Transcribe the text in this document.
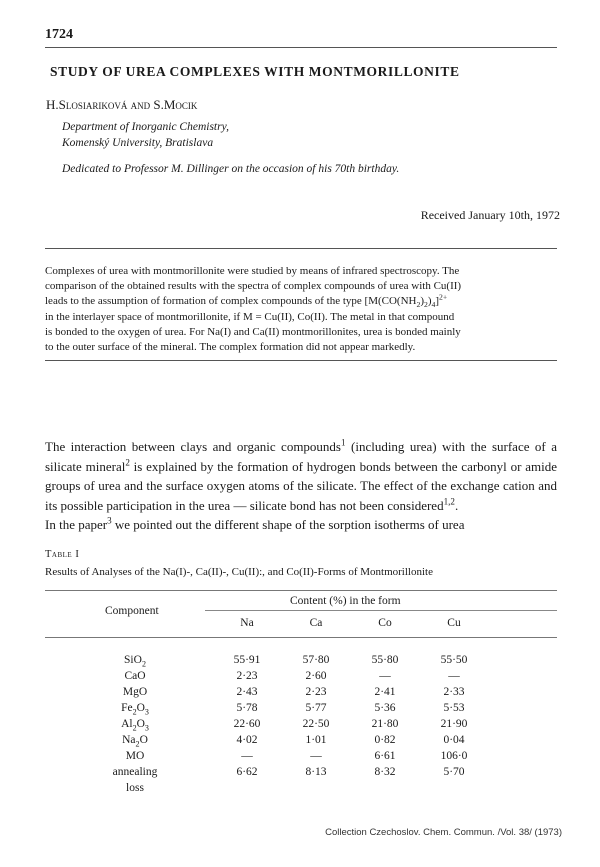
1724
STUDY OF UREA COMPLEXES WITH MONTMORILLONITE
H.Slosiariková and S.Mocik
Department of Inorganic Chemistry,
Komenský University, Bratislava
Dedicated to Professor M. Dillinger on the occasion of his 70th birthday.
Received January 10th, 1972
Complexes of urea with montmorillonite were studied by means of infrared spectroscopy. The
comparison of the obtained results with the spectra of complex compounds of urea with Cu(II)
leads to the assumption of formation of complex compounds of the type $[M(CO(NH_2)_2)_4]^{2+}$
in the interlayer space of montmorillonite, if M = Cu(II), Co(II). The metal in that compound
is bonded to the oxygen of urea. For Na(I) and Ca(II) montmorillonites, urea is bonded mainly
to the outer surface of the mineral. The complex formation did not appear markedly.

The interaction between clays and organic compounds$^1$ (including urea) with the surface of a silicate mineral$^2$ is explained by the formation of hydrogen bonds between the carbonyl or amide groups of urea and the surface oxygen atoms of the silicate. The effect of the exchange cation and its possible participation in the urea — silicate bond has not been considered$^{1,2}$.

In the paper$^3$ we pointed out the different shape of the sorption isotherms of urea

Table I
Results of Analyses of the Na(I)-, Ca(II)-, Cu(II):, and Co(II)-Forms of Montmorillonite
Component
Content (%) in the form
Na	Ca	Co	Cu
SiO$_2$	55·91	57·80	55·80	55·50
CaO	2·23	2·60	—	—
MgO	2·43	2·23	2·41	2·33
$Fe_2O_3$	5·78	5·77	5·36	5·53
$Al_2O_3$	22·60	22·50	21·80	21·90
$Na_2O$	4·02	1·01	0·82	0·04
MO	—	—	6·61	106·0
annealing	6·62	8·13	8·32	5·70
loss
Collection Czechoslov. Chem. Commun. /Vol. 38/ (1973)
